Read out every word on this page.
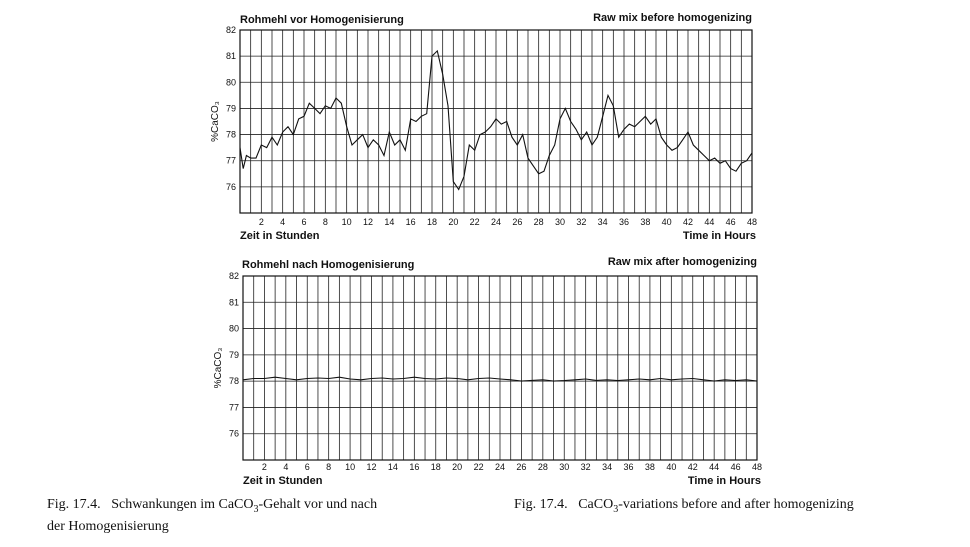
Rohmehl vor Homogenisierung	Raw mix before homogenizing
76
77
78
79
80
81
82
2 4 6 8 10 12 14 16 18 20 22 24 26 28 30 32 34 36 38 40 42 44 46 48
%CaCO₃
Zeit in Stunden	Time in Hours
Rohmehl nach Homogenisierung	Raw mix after homogenizing
76
77
78
79
80
81
82
2 4 6 8 10 12 14 16 18 20 22 24 26 28 30 32 34 36 38 40 42 44 46 48
%CaCO₃
Zeit in Stunden	Time in Hours
Fig. 17.4. Schwankungen im CaCO$_3$-Gehalt vor und nach
der Homogenisierung
Fig. 17.4. CaCO$_3$-variations before and after homogenizing
